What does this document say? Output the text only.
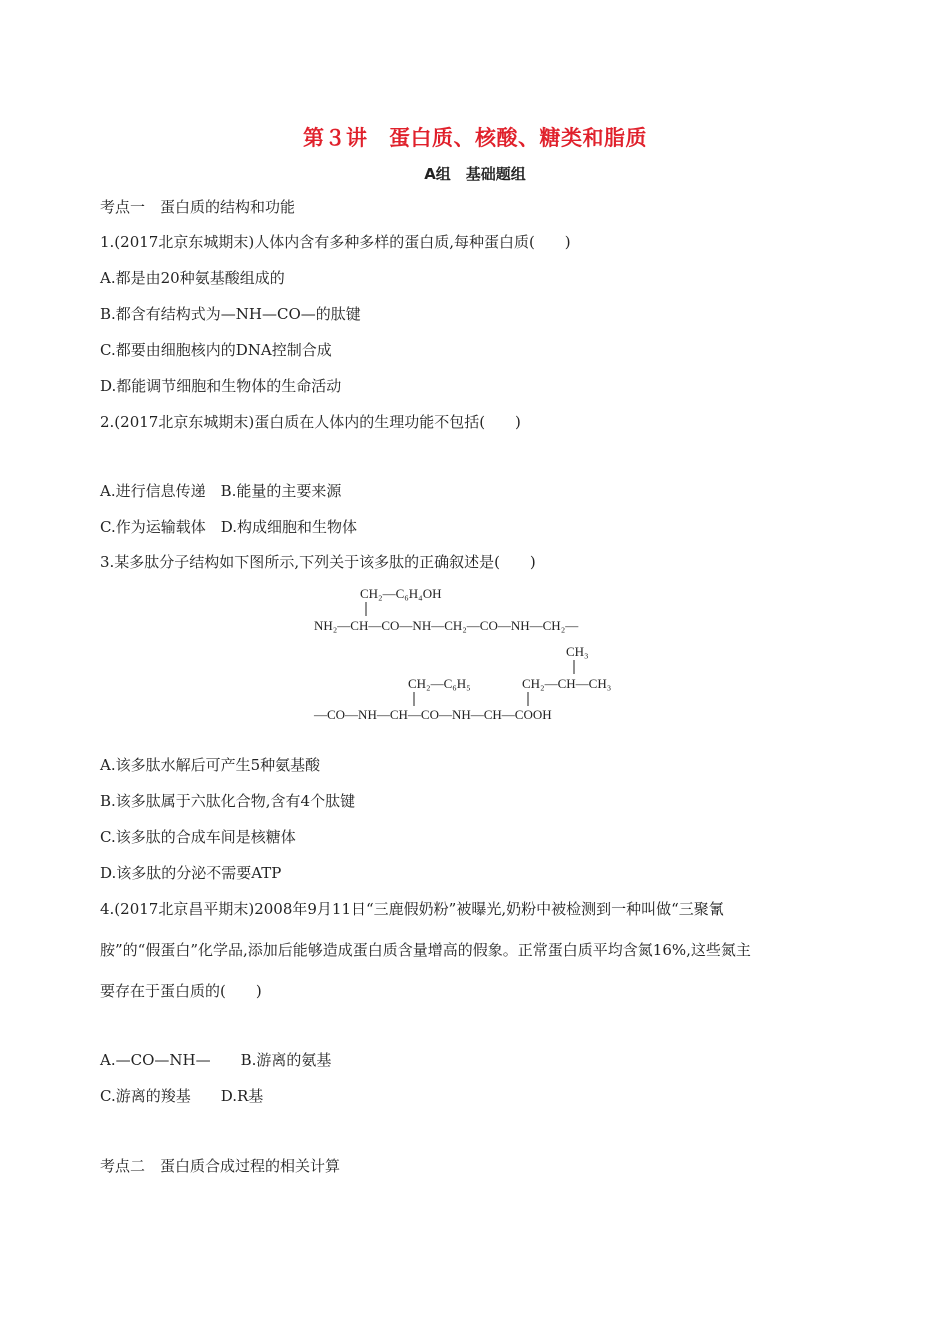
第３讲　蛋白质、核酸、糖类和脂质
A组　基础题组
考点一　蛋白质的结构和功能
1.(2017北京东城期末)人体内含有多种多样的蛋白质,每种蛋白质(　　)
A.都是由20种氨基酸组成的
B.都含有结构式为—NH—CO—的肽键
C.都要由细胞核内的DNA控制合成
D.都能调节细胞和生物体的生命活动
2.(2017北京东城期末)蛋白质在人体内的生理功能不包括(　　)
A.进行信息传递　B.能量的主要来源
C.作为运输载体　D.构成细胞和生物体
3.某多肽分子结构如下图所示,下列关于该多肽的正确叙述是(　　)
CH₂—C₆H₄OH
NH₂—CH—CO—NH—CH₂—CO—NH—CH₂—
CH₃
CH₂—C₆H₅	CH₂—CH—CH₃
—CO—NH—CH—CO—NH—CH—COOH
A.该多肽水解后可产生5种氨基酸
B.该多肽属于六肽化合物,含有4个肽键
C.该多肽的合成车间是核糖体
D.该多肽的分泌不需要ATP
4.(2017北京昌平期末)2008年9月11日“三鹿假奶粉”被曝光,奶粉中被检测到一种叫做“三聚氰
胺”的“假蛋白”化学品,添加后能够造成蛋白质含量增高的假象。正常蛋白质平均含氮16%,这些氮主
要存在于蛋白质的(　　)
A.—CO—NH—　　B.游离的氨基
C.游离的羧基　　D.R基
考点二　蛋白质合成过程的相关计算
